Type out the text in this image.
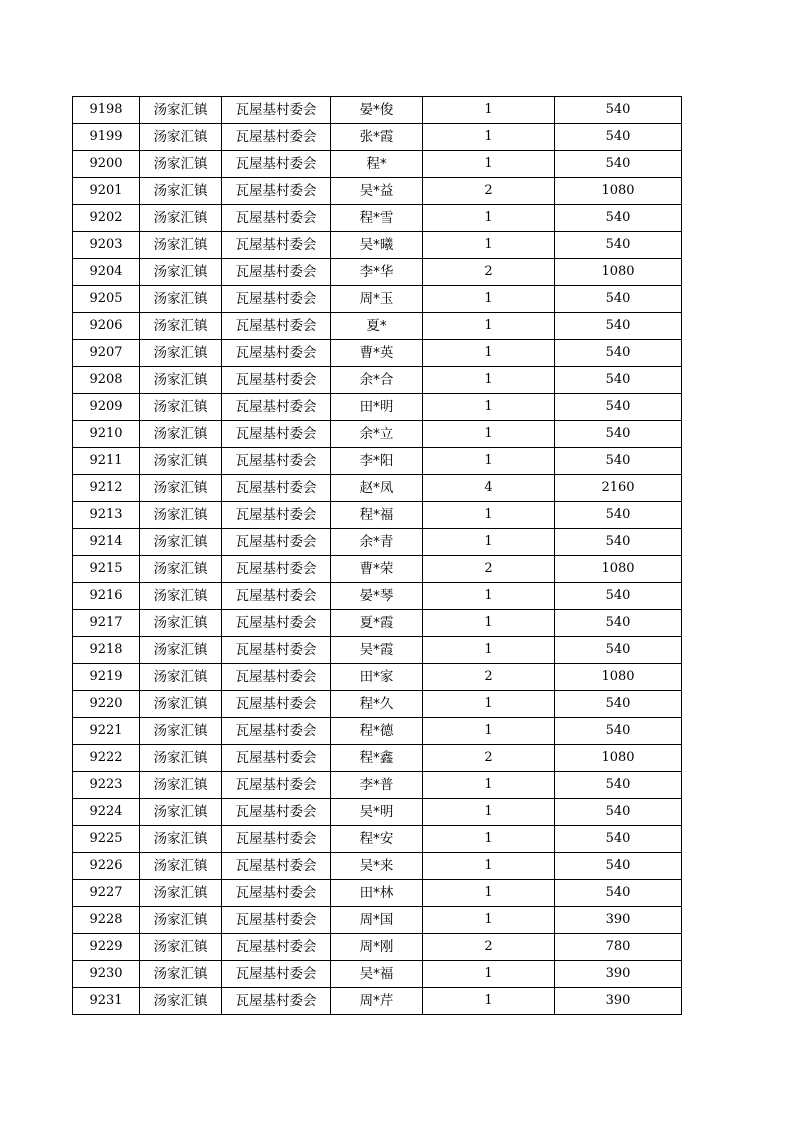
9198	汤家汇镇	瓦屋基村委会	晏*俊	1	540
9199	汤家汇镇	瓦屋基村委会	张*霞	1	540
9200	汤家汇镇	瓦屋基村委会	程*	1	540
9201	汤家汇镇	瓦屋基村委会	吴*益	2	1080
9202	汤家汇镇	瓦屋基村委会	程*雪	1	540
9203	汤家汇镇	瓦屋基村委会	吴*曦	1	540
9204	汤家汇镇	瓦屋基村委会	李*华	2	1080
9205	汤家汇镇	瓦屋基村委会	周*玉	1	540
9206	汤家汇镇	瓦屋基村委会	夏*	1	540
9207	汤家汇镇	瓦屋基村委会	曹*英	1	540
9208	汤家汇镇	瓦屋基村委会	余*合	1	540
9209	汤家汇镇	瓦屋基村委会	田*明	1	540
9210	汤家汇镇	瓦屋基村委会	余*立	1	540
9211	汤家汇镇	瓦屋基村委会	李*阳	1	540
9212	汤家汇镇	瓦屋基村委会	赵*凤	4	2160
9213	汤家汇镇	瓦屋基村委会	程*福	1	540
9214	汤家汇镇	瓦屋基村委会	余*青	1	540
9215	汤家汇镇	瓦屋基村委会	曹*荣	2	1080
9216	汤家汇镇	瓦屋基村委会	晏*琴	1	540
9217	汤家汇镇	瓦屋基村委会	夏*霞	1	540
9218	汤家汇镇	瓦屋基村委会	吴*霞	1	540
9219	汤家汇镇	瓦屋基村委会	田*家	2	1080
9220	汤家汇镇	瓦屋基村委会	程*久	1	540
9221	汤家汇镇	瓦屋基村委会	程*德	1	540
9222	汤家汇镇	瓦屋基村委会	程*鑫	2	1080
9223	汤家汇镇	瓦屋基村委会	李*普	1	540
9224	汤家汇镇	瓦屋基村委会	吴*明	1	540
9225	汤家汇镇	瓦屋基村委会	程*安	1	540
9226	汤家汇镇	瓦屋基村委会	吴*来	1	540
9227	汤家汇镇	瓦屋基村委会	田*林	1	540
9228	汤家汇镇	瓦屋基村委会	周*国	1	390
9229	汤家汇镇	瓦屋基村委会	周*刚	2	780
9230	汤家汇镇	瓦屋基村委会	吴*福	1	390
9231	汤家汇镇	瓦屋基村委会	周*芹	1	390
